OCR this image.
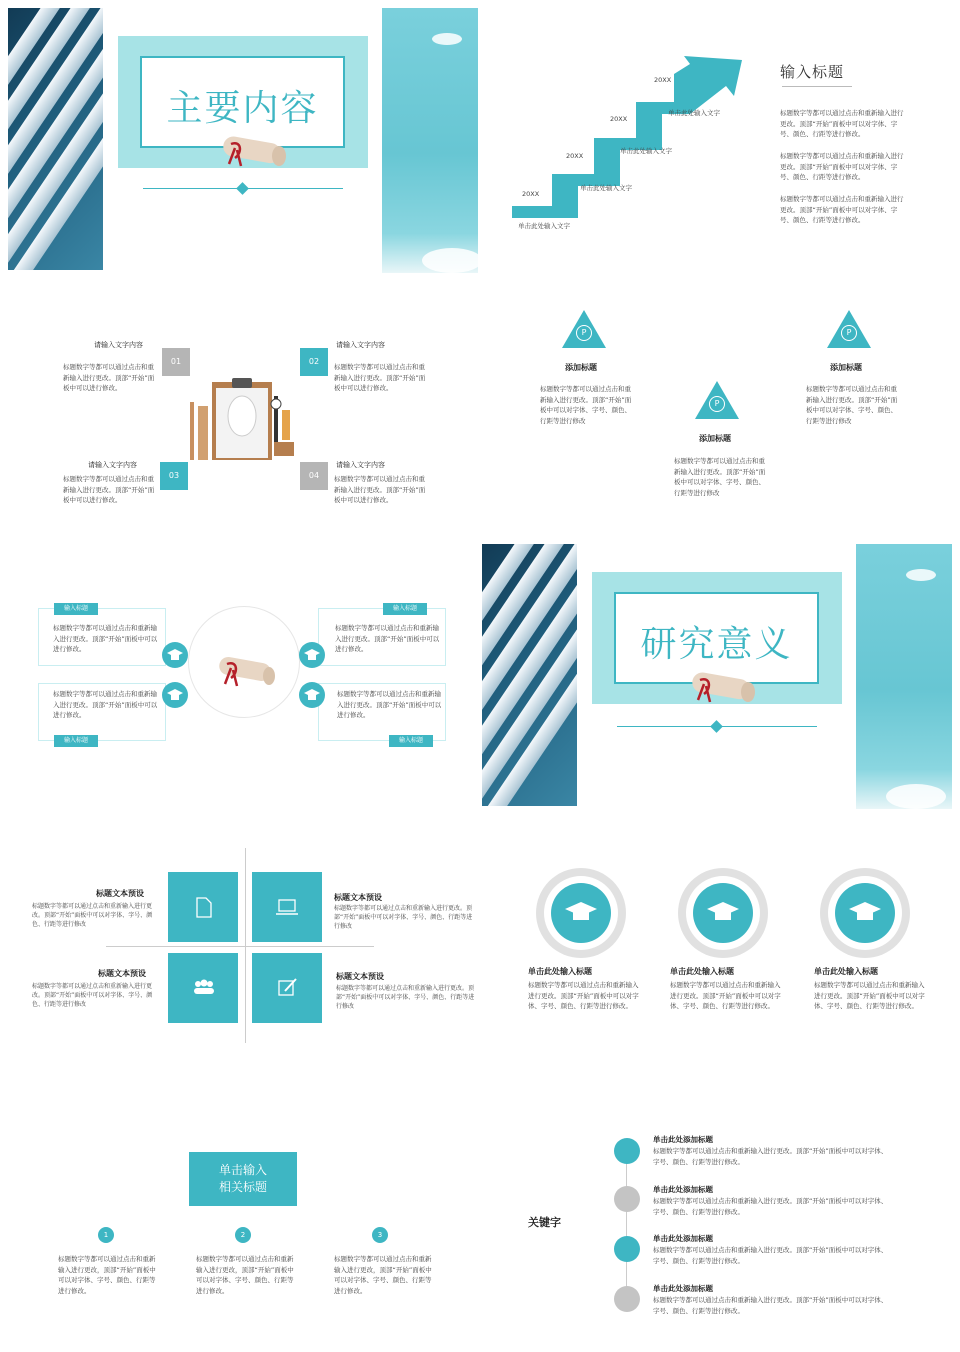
主要内容
20XX
20XX
20XX
20XX
单击此处输入文字
单击此处输入文字
单击此处输入文字
单击此处输入文字
输入标题
标题数字等都可以通过点击和重新输入进行更改。顶部“开始”面板中可以对字体、字号、颜色、行距等进行修改。
标题数字等都可以通过点击和重新输入进行更改。顶部“开始”面板中可以对字体、字号、颜色、行距等进行修改。
标题数字等都可以通过点击和重新输入进行更改。顶部“开始”面板中可以对字体、字号、颜色、行距等进行修改。
请输入文字内容
标题数字等都可以通过点击和重新输入进行更改。顶部“开始”面板中可以进行修改。
01
请输入文字内容
标题数字等都可以通过点击和重新输入进行更改。顶部“开始”面板中可以进行修改。
02
请输入文字内容
标题数字等都可以通过点击和重新输入进行更改。顶部“开始”面板中可以进行修改。
03
请输入文字内容
标题数字等都可以通过点击和重新输入进行更改。顶部“开始”面板中可以进行修改。
04
P
P
P
添加标题
标题数字等都可以通过点击和重新输入进行更改。顶部“开始”面板中可以对字体、字号、颜色、行距等进行修改
添加标题
标题数字等都可以通过点击和重新输入进行更改。顶部“开始”面板中可以对字体、字号、颜色、行距等进行修改
添加标题
标题数字等都可以通过点击和重新输入进行更改。顶部“开始”面板中可以对字体、字号、颜色、行距等进行修改
标题数字等都可以通过点击和重新输入进行更改。顶部“开始”面板中可以进行修改。
输入标题
标题数字等都可以通过点击和重新输入进行更改。顶部“开始”面板中可以进行修改。
输入标题
标题数字等都可以通过点击和重新输入进行更改。顶部“开始”面板中可以进行修改。
输入标题
标题数字等都可以通过点击和重新输入进行更改。顶部“开始”面板中可以进行修改。
输入标题
研究意义
标题文本预设
标题数字等都可以通过点击和重新输入进行更改。顶部“开始”面板中可以对字体、字号、颜色、行距等进行修改
标题文本预设
标题数字等都可以通过点击和重新输入进行更改。顶部“开始”面板中可以对字体、字号、颜色、行距等进行修改
标题文本预设
标题数字等都可以通过点击和重新输入进行更改。顶部“开始”面板中可以对字体、字号、颜色、行距等进行修改
标题文本预设
标题数字等都可以通过点击和重新输入进行更改。顶部“开始”面板中可以对字体、字号、颜色、行距等进行修改
单击此处输入标题
标题数字等都可以通过点击和重新输入进行更改。顶部“开始”面板中可以对字体、字号、颜色、行距等进行修改。
单击此处输入标题
标题数字等都可以通过点击和重新输入进行更改。顶部“开始”面板中可以对字体、字号、颜色、行距等进行修改。
单击此处输入标题
标题数字等都可以通过点击和重新输入进行更改。顶部“开始”面板中可以对字体、字号、颜色、行距等进行修改。
单击输入
相关标题
1	2	3
标题数字等都可以通过点击和重新输入进行更改，顶部“开始”面板中可以对字体、字号、颜色、行距等进行修改。
标题数字等都可以通过点击和重新输入进行更改，顶部“开始”面板中可以对字体、字号、颜色、行距等进行修改。
标题数字等都可以通过点击和重新输入进行更改，顶部“开始”面板中可以对字体、字号、颜色、行距等进行修改。
关键字
单击此处添加标题
标题数字等都可以通过点击和重新输入进行更改。顶部“开始”面板中可以对字体、字号、颜色、行距等进行修改。
单击此处添加标题
标题数字等都可以通过点击和重新输入进行更改。顶部“开始”面板中可以对字体、字号、颜色、行距等进行修改。
单击此处添加标题
标题数字等都可以通过点击和重新输入进行更改。顶部“开始”面板中可以对字体、字号、颜色、行距等进行修改。
单击此处添加标题
标题数字等都可以通过点击和重新输入进行更改。顶部“开始”面板中可以对字体、字号、颜色、行距等进行修改。
